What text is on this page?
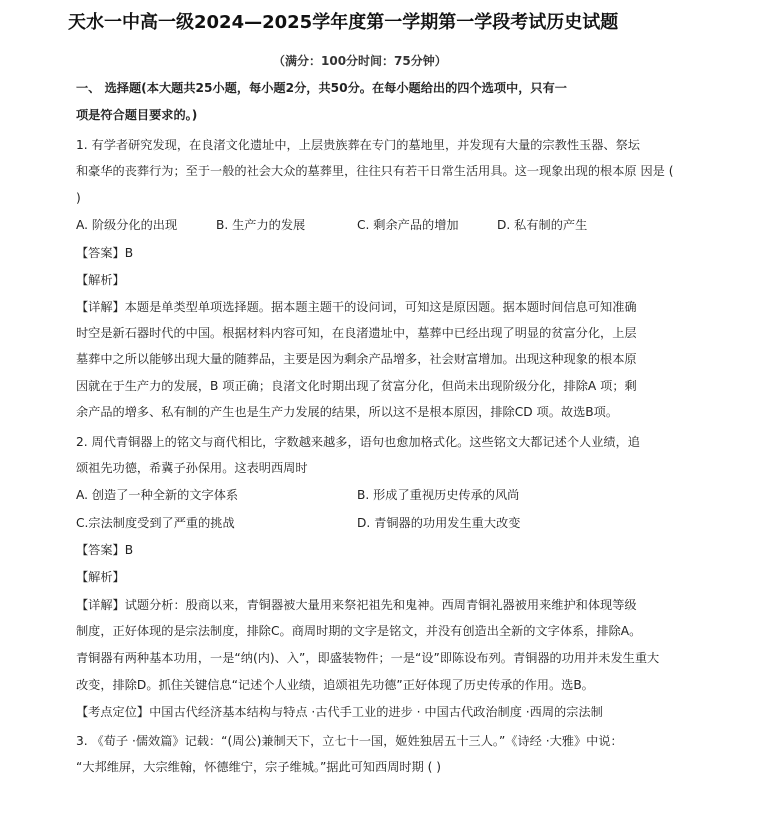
天水一中高一级2024—2025学年度第一学期第一学段考试历史试题
（满分：100分时间：75分钟）
一、 选择题(本大题共25小题，每小题2分，共50分。在每小题给出的四个选项中，只有一
项是符合题目要求的。)
1. 有学者研究发现，在良渚文化遗址中，上层贵族葬在专门的墓地里，并发现有大量的宗教性玉器、祭坛
和豪华的丧葬行为；至于一般的社会大众的墓葬里，往往只有若干日常生活用具。这一现象出现的根本原 因是 (
)
A. 阶级分化的出现	B. 生产力的发展	C. 剩余产品的增加	D. 私有制的产生
【答案】B
【解析】
【详解】本题是单类型单项选择题。据本题主题干的设问词，可知这是原因题。据本题时间信息可知准确
时空是新石器时代的中国。根据材料内容可知，在良渚遗址中，墓葬中已经出现了明显的贫富分化，上层
墓葬中之所以能够出现大量的随葬品，主要是因为剩余产品增多，社会财富增加。出现这种现象的根本原
因就在于生产力的发展，B 项正确；良渚文化时期出现了贫富分化，但尚未出现阶级分化，排除A 项；剩
余产品的增多、私有制的产生也是生产力发展的结果，所以这不是根本原因，排除CD 项。故选B项。
2. 周代青铜器上的铭文与商代相比，字数越来越多，语句也愈加格式化。这些铭文大都记述个人业绩，追
颂祖先功德，希冀子孙保用。这表明西周时
A. 创造了一种全新的文字体系	B. 形成了重视历史传承的风尚
C.宗法制度受到了严重的挑战	D. 青铜器的功用发生重大改变
【答案】B
【解析】
【详解】试题分析：殷商以来，青铜器被大量用来祭祀祖先和鬼神。西周青铜礼器被用来维护和体现等级
制度，正好体现的是宗法制度，排除C。商周时期的文字是铭文，并没有创造出全新的文字体系，排除A。
青铜器有两种基本功用，一是“纳(内)、入”，即盛装物件；一是“设”即陈设布列。青铜器的功用并未发生重大
改变，排除D。抓住关键信息“记述个人业绩，追颂祖先功德”正好体现了历史传承的作用。选B。
【考点定位】中国古代经济基本结构与特点 ·古代手工业的进步 · 中国古代政治制度 ·西周的宗法制
3. 《荀子 ·儒效篇》记载：“(周公)兼制天下，立七十一国，姬姓独居五十三人。”《诗经 ·大雅》中说：
“大邦维屏，大宗维翰，怀德维宁，宗子维城。”据此可知西周时期 ( )
